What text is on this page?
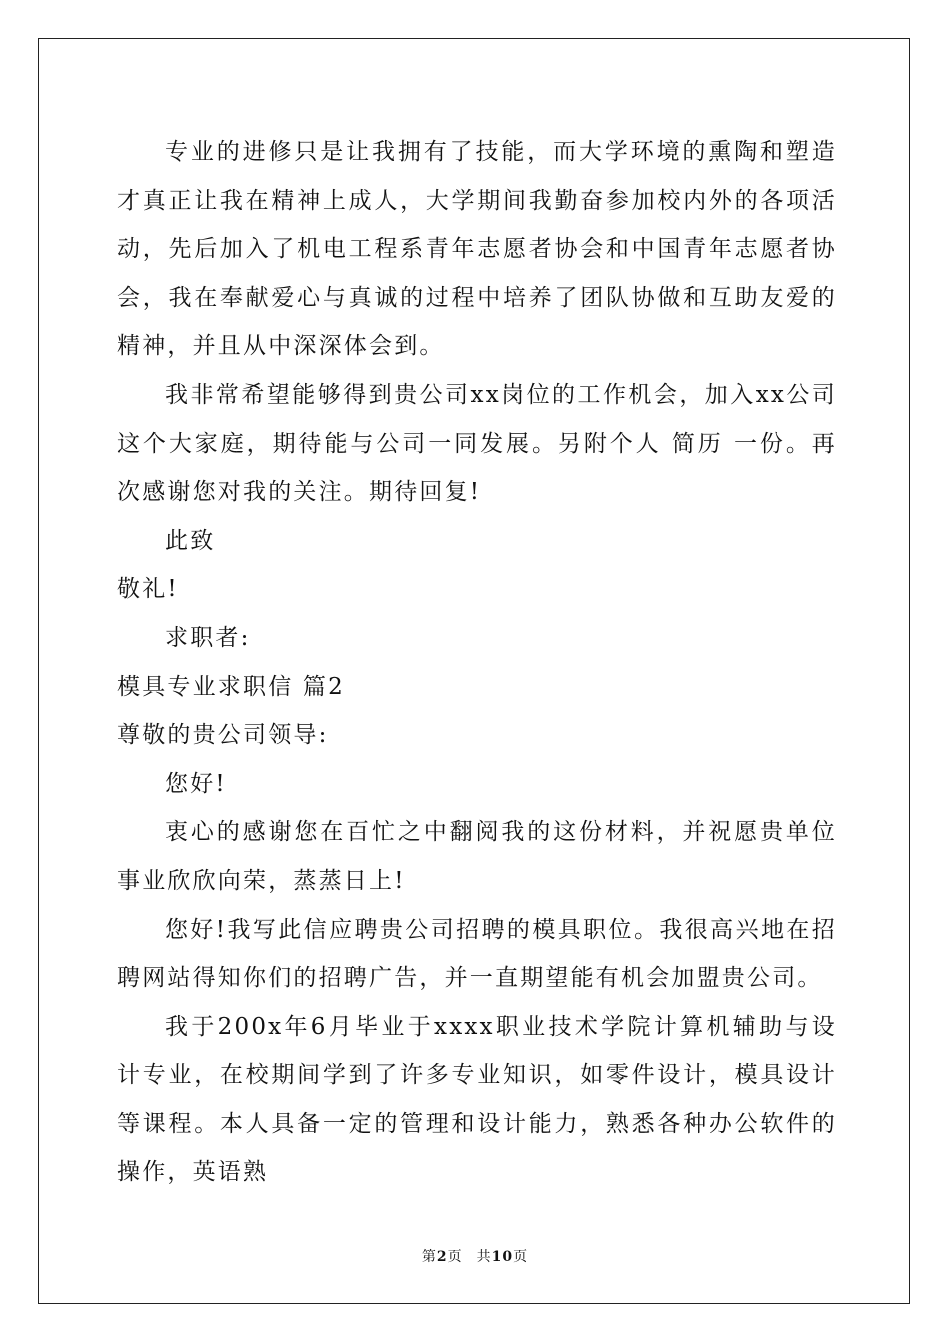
专业的进修只是让我拥有了技能，而大学环境的熏陶和塑造才真正让我在精神上成人，大学期间我勤奋参加校内外的各项活动，先后加入了机电工程系青年志愿者协会和中国青年志愿者协会，我在奉献爱心与真诚的过程中培养了团队协做和互助友爱的精神，并且从中深深体会到。

我非常希望能够得到贵公司xx岗位的工作机会，加入xx公司这个大家庭，期待能与公司一同发展。另附个人 简历 一份。再次感谢您对我的关注。期待回复!

此致

敬礼!

求职者:

模具专业求职信 篇2

尊敬的贵公司领导:

您好!

衷心的感谢您在百忙之中翻阅我的这份材料，并祝愿贵单位事业欣欣向荣，蒸蒸日上!

您好!我写此信应聘贵公司招聘的模具职位。我很高兴地在招聘网站得知你们的招聘广告，并一直期望能有机会加盟贵公司。

我于200x年6月毕业于xxxx职业技术学院计算机辅助与设计专业，在校期间学到了许多专业知识，如零件设计，模具设计等课程。本人具备一定的管理和设计能力，熟悉各种办公软件的操作，英语熟

第2页 共10页
